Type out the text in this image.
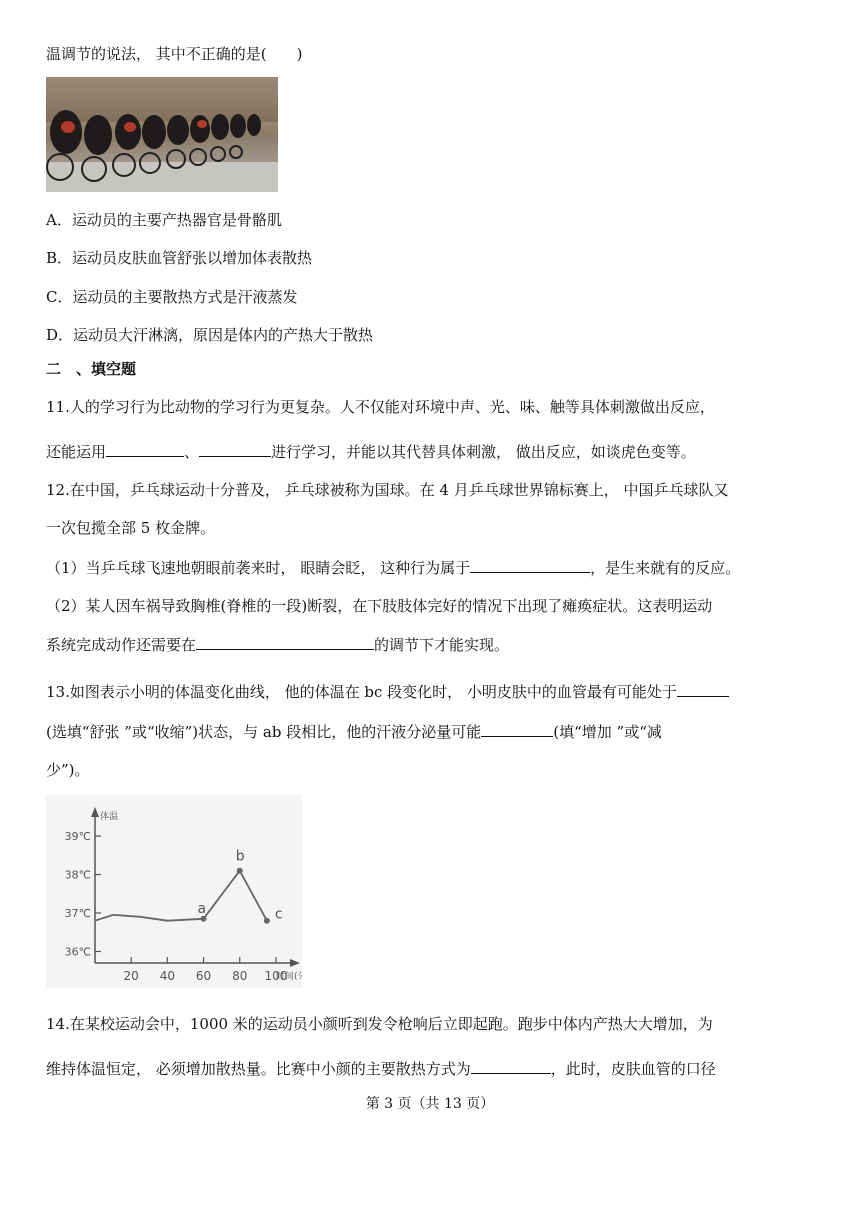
温调节的说法， 其中不正确的是(　　)
A．运动员的主要产热器官是骨骼肌
B．运动员皮肤血管舒张以增加体表散热
C．运动员的主要散热方式是汗液蒸发
D．运动员大汗淋漓，原因是体内的产热大于散热
二　、填空题
11.人的学习行为比动物的学习行为更复杂。人不仅能对环境中声、光、味、触等具体刺激做出反应，
还能运用	、	进行学习，并能以其代替具体刺激， 做出反应，如谈虎色变等。
12.在中国，乒乓球运动十分普及， 乒乓球被称为国球。在 4 月乒乓球世界锦标赛上， 中国乒乓球队又
一次包揽全部 5 枚金牌。
（1）当乒乓球飞速地朝眼前袭来时， 眼睛会眨， 这种行为属于	，是生来就有的反应。
（2）某人因车祸导致胸椎(脊椎的一段)断裂，在下肢肢体完好的情况下出现了瘫痪症状。这表明运动
系统完成动作还需要在	的调节下才能实现。
13.如图表示小明的体温变化曲线， 他的体温在 bc 段变化时， 小明皮肤中的血管最有可能处于
(选填“舒张 ”或“收缩”)状态，与 ab 段相比，他的汗液分泌量可能	(填“增加 ”或“减
少”)。
体温
时间(
36℃
37℃
38℃
39℃
20 40 60 80 100
a
b
c
14.在某校运动会中，1000 米的运动员小颜听到发令枪响后立即起跑。跑步中体内产热大大增加，为
维持体温恒定， 必须增加散热量。比赛中小颜的主要散热方式为	，此时，皮肤血管的口径
第 3 页（共 13 页）
